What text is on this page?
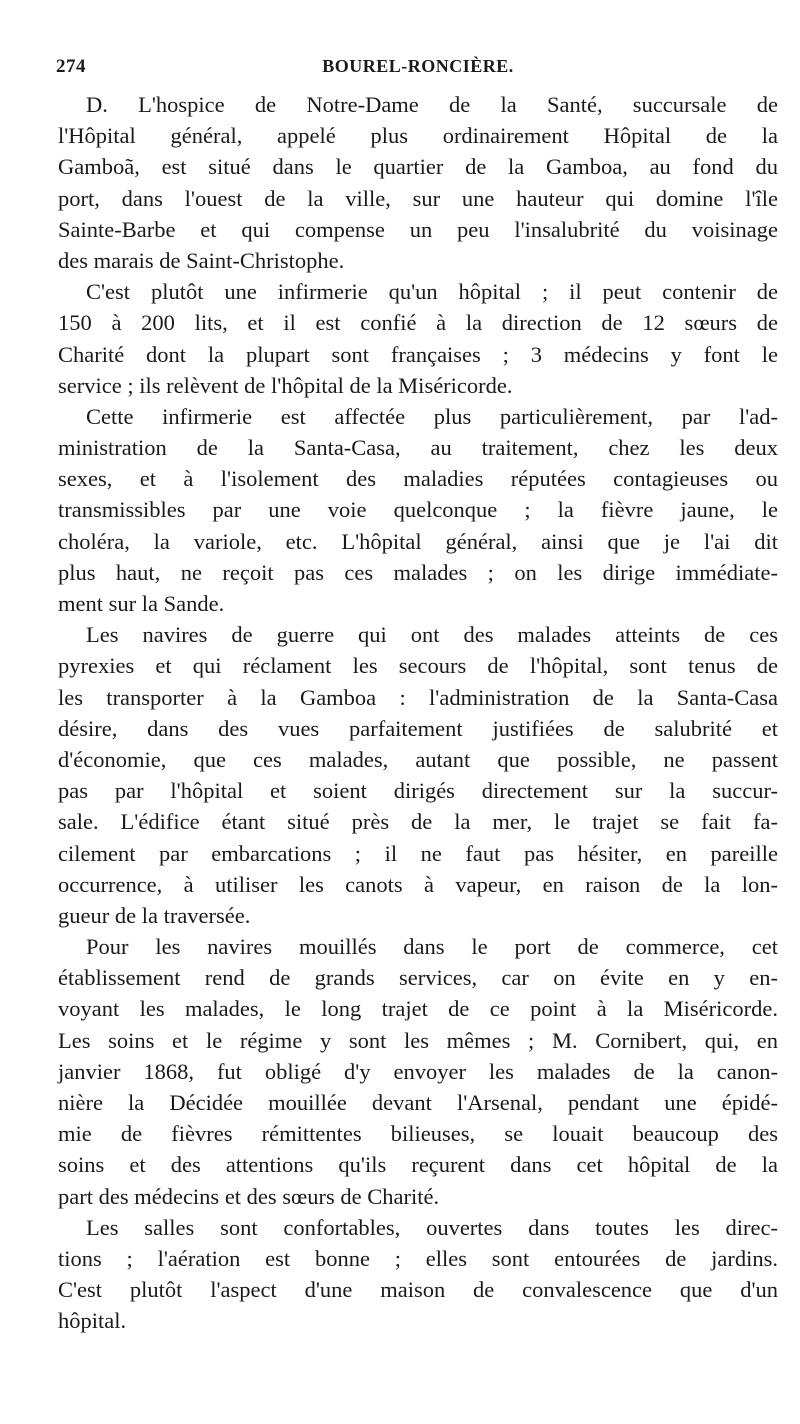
274	BOUREL-RONCIÈRE.
D. L'hospice de Notre-Dame de la Santé, succursale de
l'Hôpital général, appelé plus ordinairement Hôpital de la
Gamboã, est situé dans le quartier de la Gamboa, au fond du
port, dans l'ouest de la ville, sur une hauteur qui domine l'île
Sainte-Barbe et qui compense un peu l'insalubrité du voisinage
des marais de Saint-Christophe.
C'est plutôt une infirmerie qu'un hôpital ; il peut contenir de
150 à 200 lits, et il est confié à la direction de 12 sœurs de
Charité dont la plupart sont françaises ; 3 médecins y font le
service ; ils relèvent de l'hôpital de la Miséricorde.
Cette infirmerie est affectée plus particulièrement, par l'ad-
ministration de la Santa-Casa, au traitement, chez les deux
sexes, et à l'isolement des maladies réputées contagieuses ou
transmissibles par une voie quelconque ; la fièvre jaune, le
choléra, la variole, etc. L'hôpital général, ainsi que je l'ai dit
plus haut, ne reçoit pas ces malades ; on les dirige immédiate-
ment sur la Sande.
Les navires de guerre qui ont des malades atteints de ces
pyrexies et qui réclament les secours de l'hôpital, sont tenus de
les transporter à la Gamboa : l'administration de la Santa-Casa
désire, dans des vues parfaitement justifiées de salubrité et
d'économie, que ces malades, autant que possible, ne passent
pas par l'hôpital et soient dirigés directement sur la succur-
sale. L'édifice étant situé près de la mer, le trajet se fait fa-
cilement par embarcations ; il ne faut pas hésiter, en pareille
occurrence, à utiliser les canots à vapeur, en raison de la lon-
gueur de la traversée.
Pour les navires mouillés dans le port de commerce, cet
établissement rend de grands services, car on évite en y en-
voyant les malades, le long trajet de ce point à la Miséricorde.
Les soins et le régime y sont les mêmes ; M. Cornibert, qui, en
janvier 1868, fut obligé d'y envoyer les malades de la canon-
nière la Décidée mouillée devant l'Arsenal, pendant une épidé-
mie de fièvres rémittentes bilieuses, se louait beaucoup des
soins et des attentions qu'ils reçurent dans cet hôpital de la
part des médecins et des sœurs de Charité.
Les salles sont confortables, ouvertes dans toutes les direc-
tions ; l'aération est bonne ; elles sont entourées de jardins.
C'est plutôt l'aspect d'une maison de convalescence que d'un
hôpital.
